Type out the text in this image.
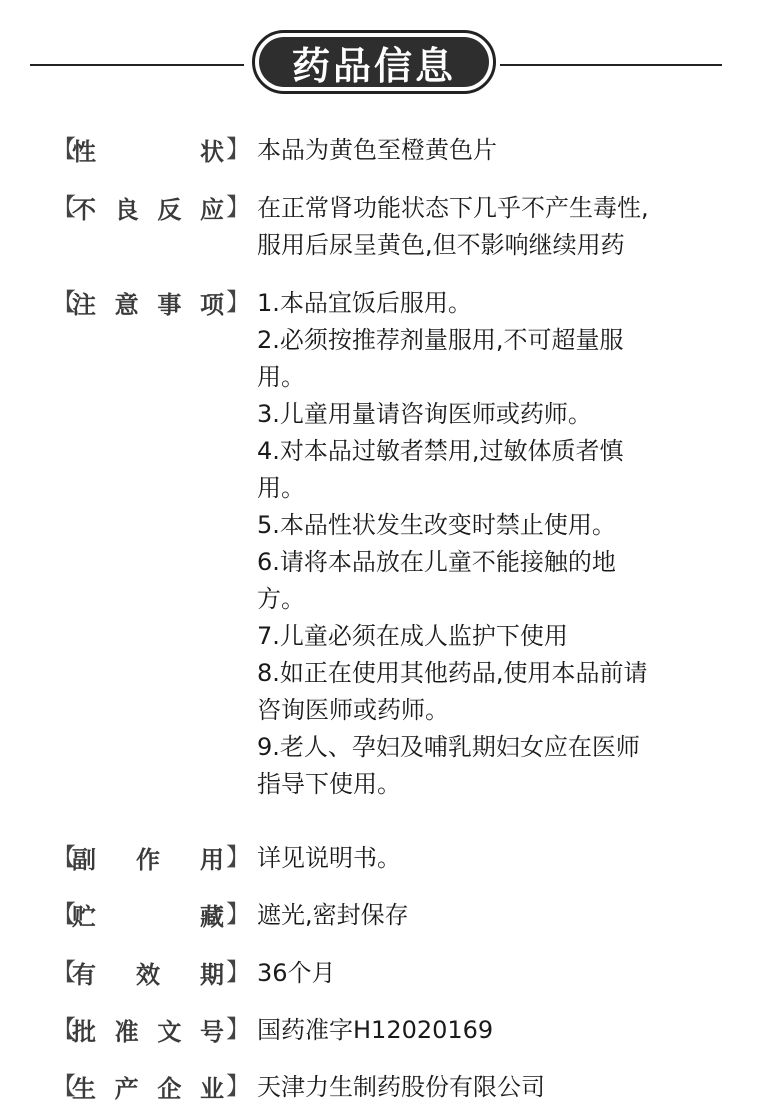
药品信息
【
性	状 】 本品为黄色至橙黄色片
【
不 良 反 应 】 在正常肾功能状态下几乎不产生毒性,
服用后尿呈黄色,但不影响继续用药
【
注 意 事 项 】 1.本品宜饭后服用。
2.必须按推荐剂量服用,不可超量服
用。
3.儿童用量请咨询医师或药师。
4.对本品过敏者禁用,过敏体质者慎
用。
5.本品性状发生改变时禁止使用。
6.请将本品放在儿童不能接触的地
方。
7.儿童必须在成人监护下使用
8.如正在使用其他药品,使用本品前请
咨询医师或药师。
9.老人、孕妇及哺乳期妇女应在医师
指导下使用。
【
副 作 用 】 详见说明书。
【
贮	藏 】 遮光,密封保存
【
有 效 期 】 36个月
【
批 准 文 号 】 国药准字H12020169
【
生 产 企 业 】 天津力生制药股份有限公司
